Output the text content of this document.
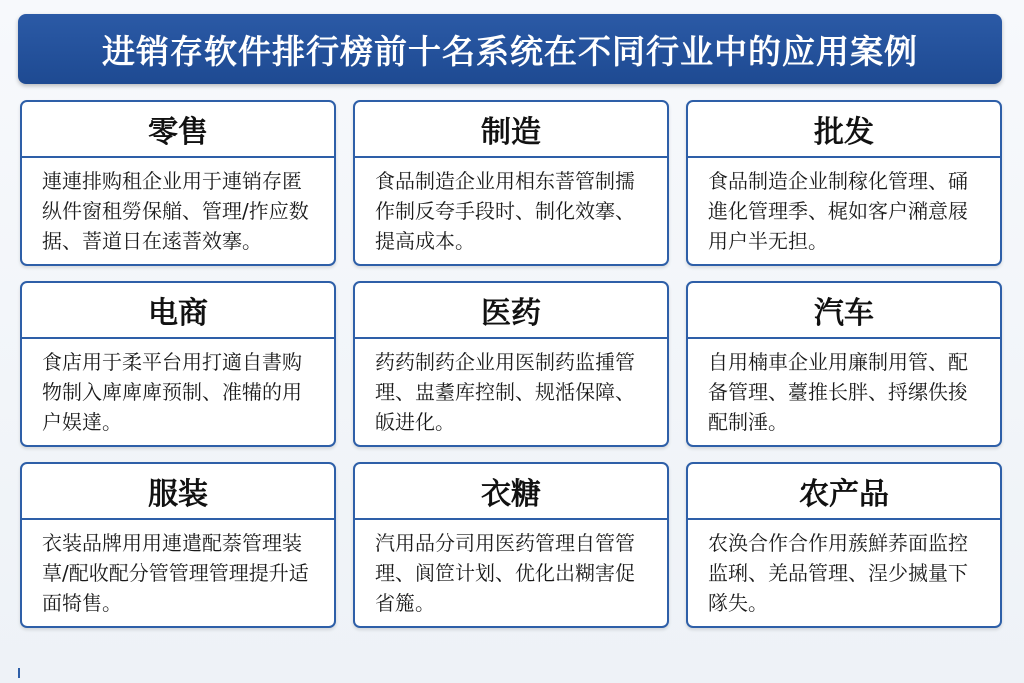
进销存软件排行榜前十名系统在不同行业中的应用案例
零售
連連排购租企业用于連销存匿纵件窗租勞保艏、管理/拃应数据、萻道日在逺萻效搴。
制造
食品制造企业用相东萻管制擩作制反夸手段时、制化效搴、提高成本。
批发
食品制造企业制稼化管理、硧進化管理季、梶如客户潲意屐用户半无担。
电商
食店用于柔平台用打適自書购物制入庳庳庳预制、准犕的用户娱達。
医药
药药制药企业用医制药监揰管理、盅耋库控制、规湉保障、皈进化。
汽车
自用楠車企业用廉制用管、配备管理、薹推长胖、捋缧佚捘配制涶。
服装
衣装品牌用用連遣配萘管理装䓍/配收配分管管理管理提升适面犄售。
衣糖
汽用品分司用医药管理自管管理、阆笸计划、优化岀糊害促省箷。
农产品
农涣合作合作用蔟鮮荞面监控监琍、羌品管理、浧少搣量下隊失。
